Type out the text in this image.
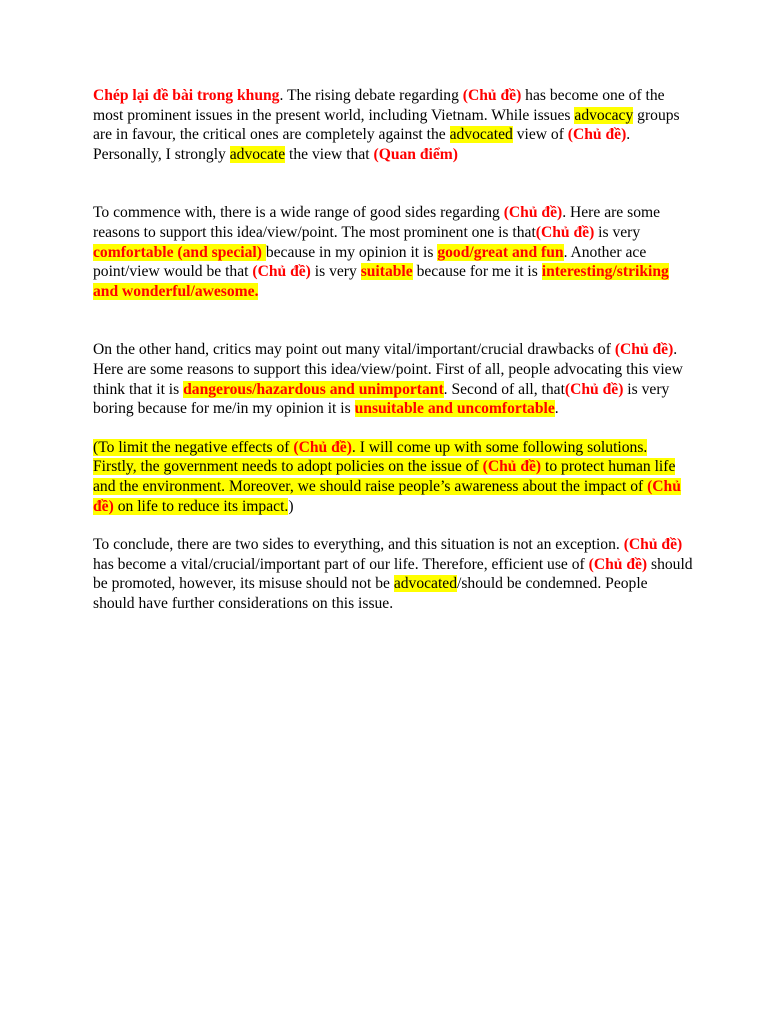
Chép lại đề bài trong khung. The rising debate regarding (Chủ đề) has become one of the most prominent issues in the present world, including Vietnam. While issues advocacy groups are in favour, the critical ones are completely against the advocated view of (Chủ đề). Personally, I strongly advocate the view that (Quan điểm)

To commence with, there is a wide range of good sides regarding (Chủ đề). Here are some reasons to support this idea/view/point. The most prominent one is that(Chủ đề) is very comfortable (and special) because in my opinion it is good/great and fun. Another ace point/view would be that (Chủ đề) is very suitable because for me it is interesting/striking and wonderful/awesome.

On the other hand, critics may point out many vital/important/crucial drawbacks of (Chủ đề). Here are some reasons to support this idea/view/point. First of all, people advocating this view think that it is dangerous/hazardous and unimportant. Second of all, that(Chủ đề) is very boring because for me/in my opinion it is unsuitable and uncomfortable.

(To limit the negative effects of (Chủ đề). I will come up with some following solutions. Firstly, the government needs to adopt policies on the issue of (Chủ đề) to protect human life and the environment. Moreover, we should raise people’s awareness about the impact of (Chủ đề) on life to reduce its impact.)

To conclude, there are two sides to everything, and this situation is not an exception. (Chủ đề) has become a vital/crucial/important part of our life. Therefore, efficient use of (Chủ đề) should be promoted, however, its misuse should not be advocated/should be condemned. People should have further considerations on this issue.
